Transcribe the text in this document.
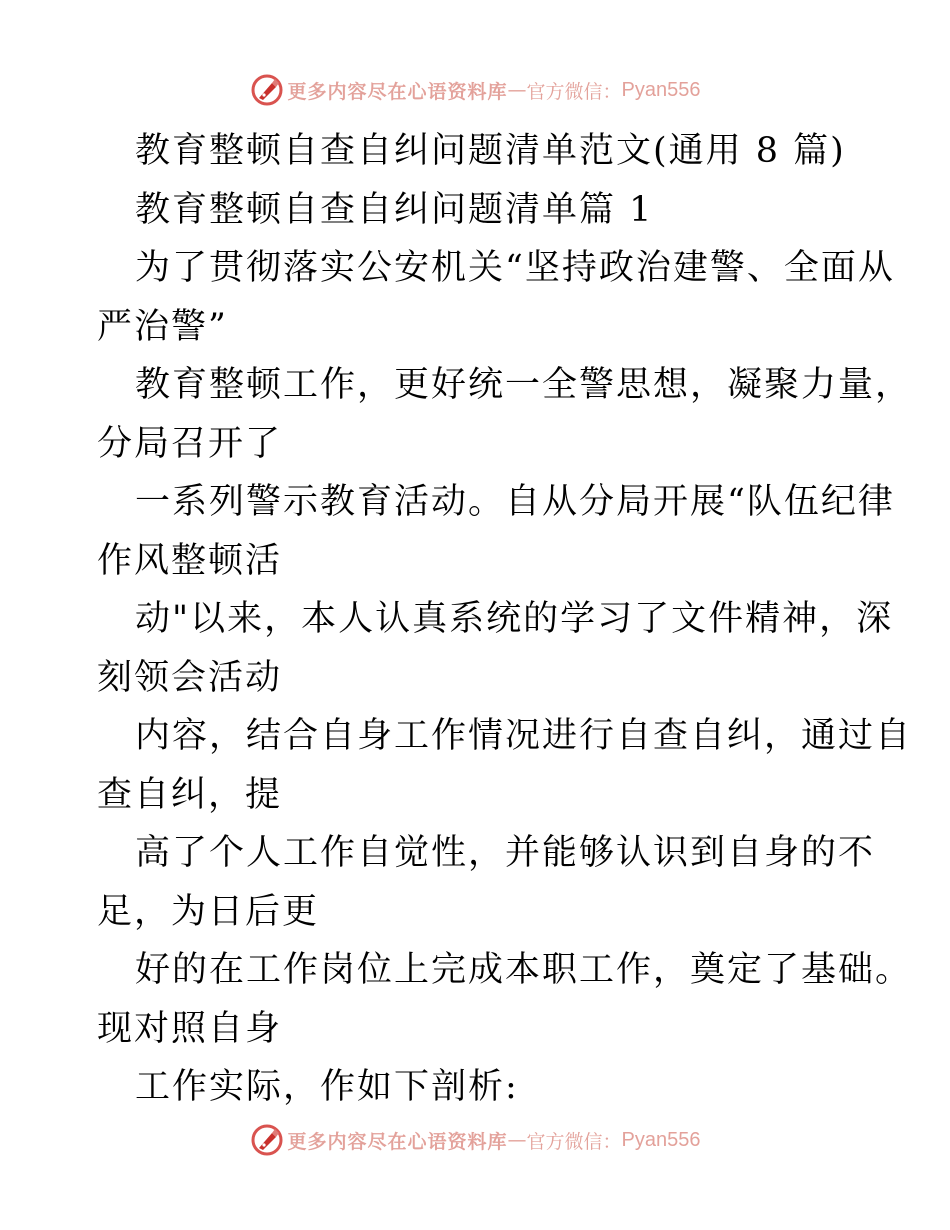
更多内容尽在心语资料库 — 官方微信： Pyan556
教育整顿自查自纠问题清单范文(通用 8 篇)
教育整顿自查自纠问题清单篇 1
为了贯彻落实公安机关“坚持政治建警、全面从
严治警”
教育整顿工作，更好统一全警思想，凝聚力量，
分局召开了
一系列警示教育活动。自从分局开展“队伍纪律
作风整顿活
动"以来，本人认真系统的学习了文件精神，深
刻领会活动
内容，结合自身工作情况进行自查自纠，通过自
查自纠，提
高了个人工作自觉性，并能够认识到自身的不
足，为日后更
好的在工作岗位上完成本职工作，奠定了基础。
现对照自身
工作实际，作如下剖析:
更多内容尽在心语资料库 — 官方微信： Pyan556
